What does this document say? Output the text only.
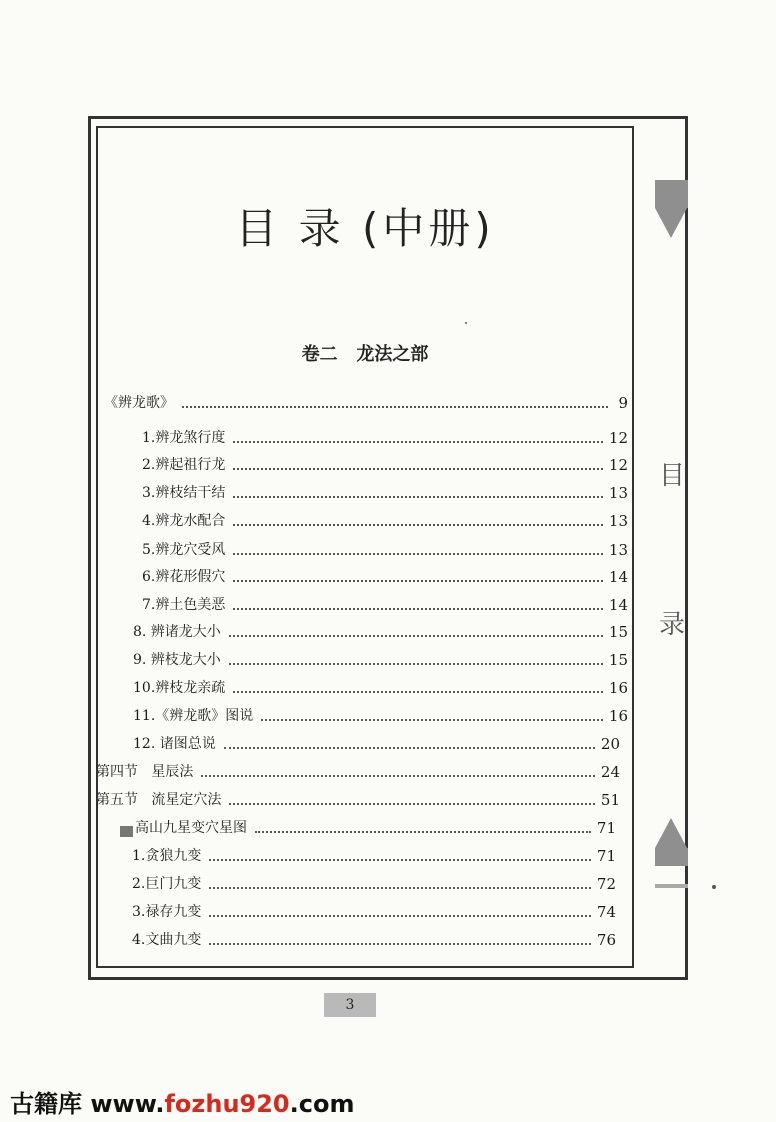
目
录
目 录 (中册)
卷二   龙法之部
《辨龙歌》	9
1.辨龙煞行度	12
2.辨起祖行龙	12
3.辨枝结干结	13
4.辨龙水配合	13
5.辨龙穴受风	13
6.辨花形假穴	14
7.辨土色美恶	14
8. 辨诸龙大小	15
9. 辨枝龙大小	15
10.辨枝龙亲疏	16
11.《辨龙歌》图说	16
12. 诸图总说	20
第四节   星辰法	24
第五节   流星定穴法	51
高山九星变穴星图	71
1.贪狼九变	71
2.巨门九变	72
3.禄存九变	74
4.文曲九变	76
3
古籍库 www.fozhu920.com
